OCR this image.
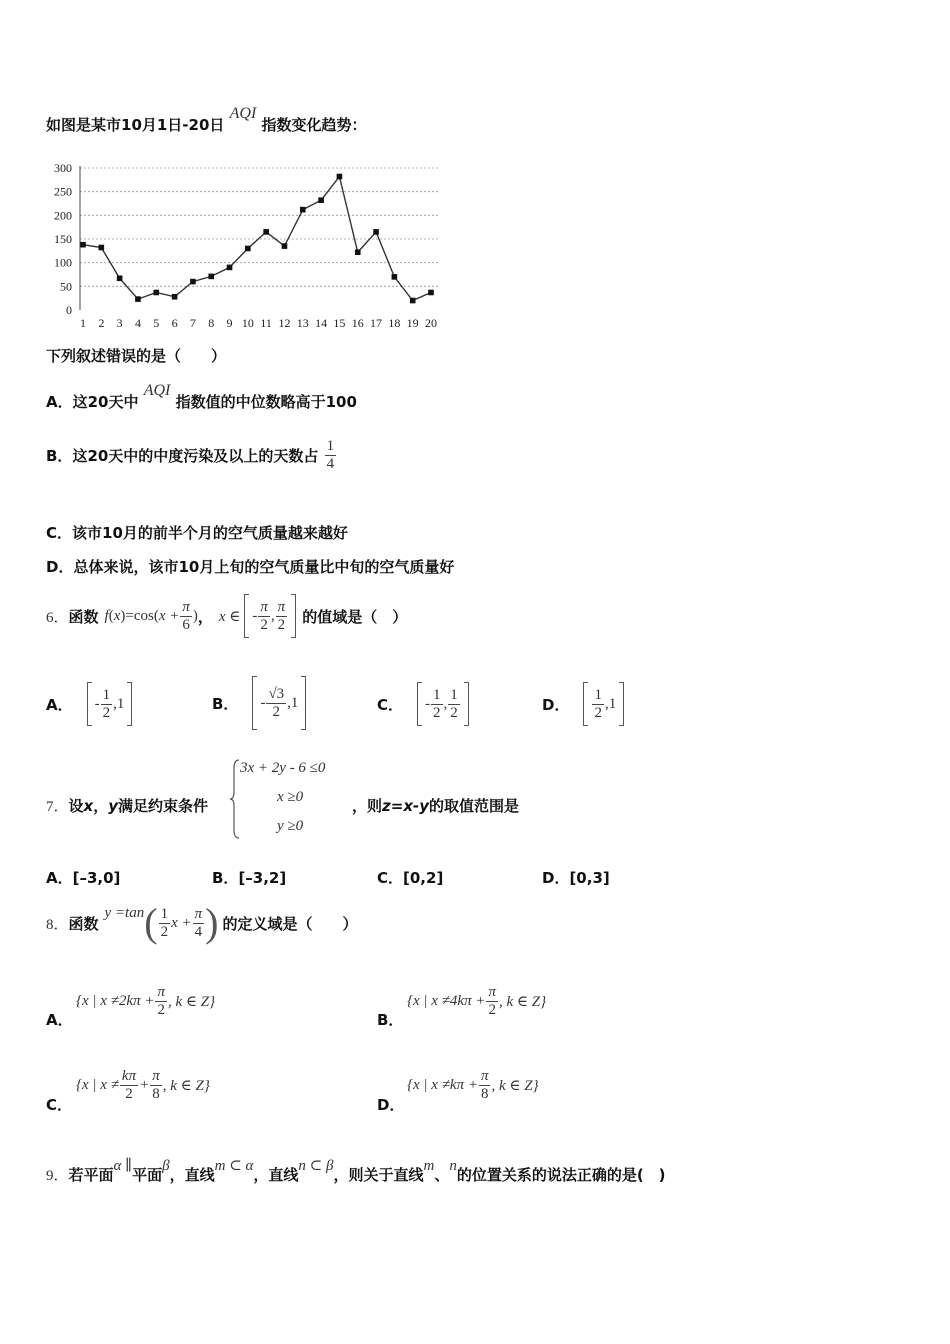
如图是某市10月1日-20日 AQI 指数变化趋势：
0
50
100
150
200
250
300
1 2 3 4 5 6 7 8 9 10 11 12 13 14 15 16 17 18 19 20
下列叙述错误的是（　　）
A．这20天中 AQI 指数值的中位数略高于100
B．这20天中的中度污染及以上的天数占 $\frac{1}{4}$
C．该市10月的前半个月的空气质量越来越好
D．总体来说，该市10月上旬的空气质量比中旬的空气质量好
6． 函数 $f(x)=\cos(x + \frac{\pi}{6}$ ) ， x ∈ - $\frac{\pi}{2}$ , $\frac{\pi}{2}$ 的值域是（　）
A． - $\frac{1}{2}$ , 1	B． - $\frac{√3}{2}$ , 1	C． - $\frac{1}{2}$ , $\frac{1}{2}$	D． $\frac{1}{2}$ , 1
7．设x，y满足约束条件
3x + 2y - 6 ≤0
x ≥0
y ≥0
，则z=x-y的取值范围是
A．[–3,0]	B．[–3,2]	C．[0,2]	D．[0,3]
8． 函数
y =tan ( $\frac{1}{2}$ $x + \frac{\pi}{4}$ ) 的定义域是（　　）
A．
{x | $x \ne 2k\pi + \frac{\pi}{2}$ , k ∈ Z}
B．
{x | $x \ne 4k\pi + \frac{\pi}{2}$ , k ∈ Z}
C．
{x | $x \ne \frac{k\pi}{2} + \frac{\pi}{8}$ , k ∈ Z}
D．
{x | $x \ne k\pi + \frac{\pi}{8}$ , k ∈ Z}
9．若平面α ∥平面β，直线m ⊂ α，直线n ⊂ β，则关于直线m、n的位置关系的说法正确的是(　)
